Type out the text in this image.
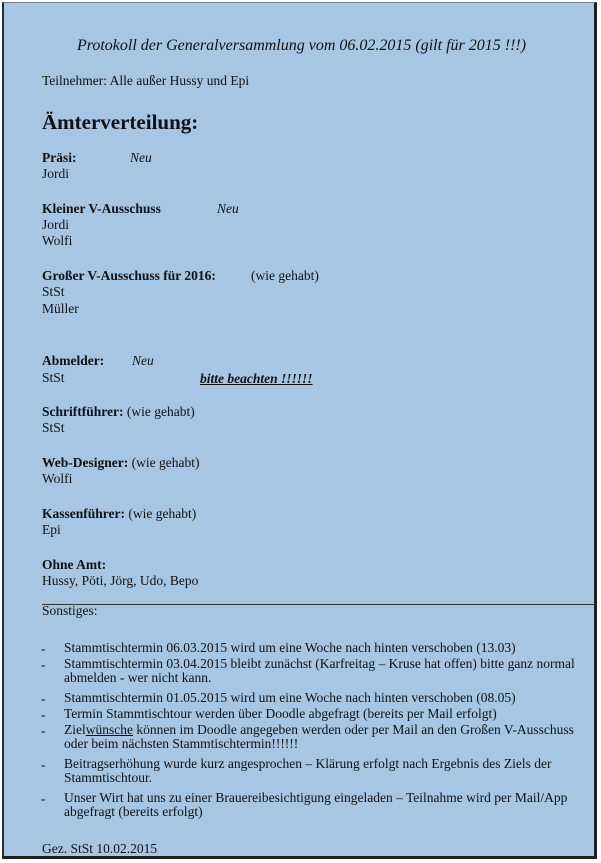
Protokoll der Generalversammlung vom 06.02.2015 (gilt für 2015 !!!)
Teilnehmer: Alle außer Hussy und Epi
Ämterverteilung:
Präsi:	Neu
Jordi
Kleiner V-Ausschuss	Neu
Jordi
Wolfi
Großer V-Ausschuss für 2016:	(wie gehabt)
StSt
Müller
Abmelder: Neu
StSt	bitte beachten !!!!!!
Schriftführer: (wie gehabt)
StSt
Web-Designer: (wie gehabt)
Wolfi
Kassenführer: (wie gehabt)
Epi
Ohne Amt:
Hussy, Pöti, Jörg, Udo, Bepo
Sonstiges:
- Stammtischtermin 06.03.2015 wird um eine Woche nach hinten verschoben (13.03)
- Stammtischtermin 03.04.2015 bleibt zunächst (Karfreitag – Kruse hat offen) bitte ganz normal abmelden - wer nicht kann.
- Stammtischtermin 01.05.2015 wird um eine Woche nach hinten verschoben (08.05)
- Termin Stammtischtour werden über Doodle abgefragt (bereits per Mail erfolgt)
- Zielwünsche können im Doodle angegeben werden oder per Mail an den Großen V-Ausschuss oder beim nächsten Stammtischtermin!!!!!!
- Beitragserhöhung wurde kurz angesprochen – Klärung erfolgt nach Ergebnis des Ziels der Stammtischtour.
- Unser Wirt hat uns zu einer Brauereibesichtigung eingeladen – Teilnahme wird per Mail/App abgefragt (bereits erfolgt)
Gez. StSt 10.02.2015
